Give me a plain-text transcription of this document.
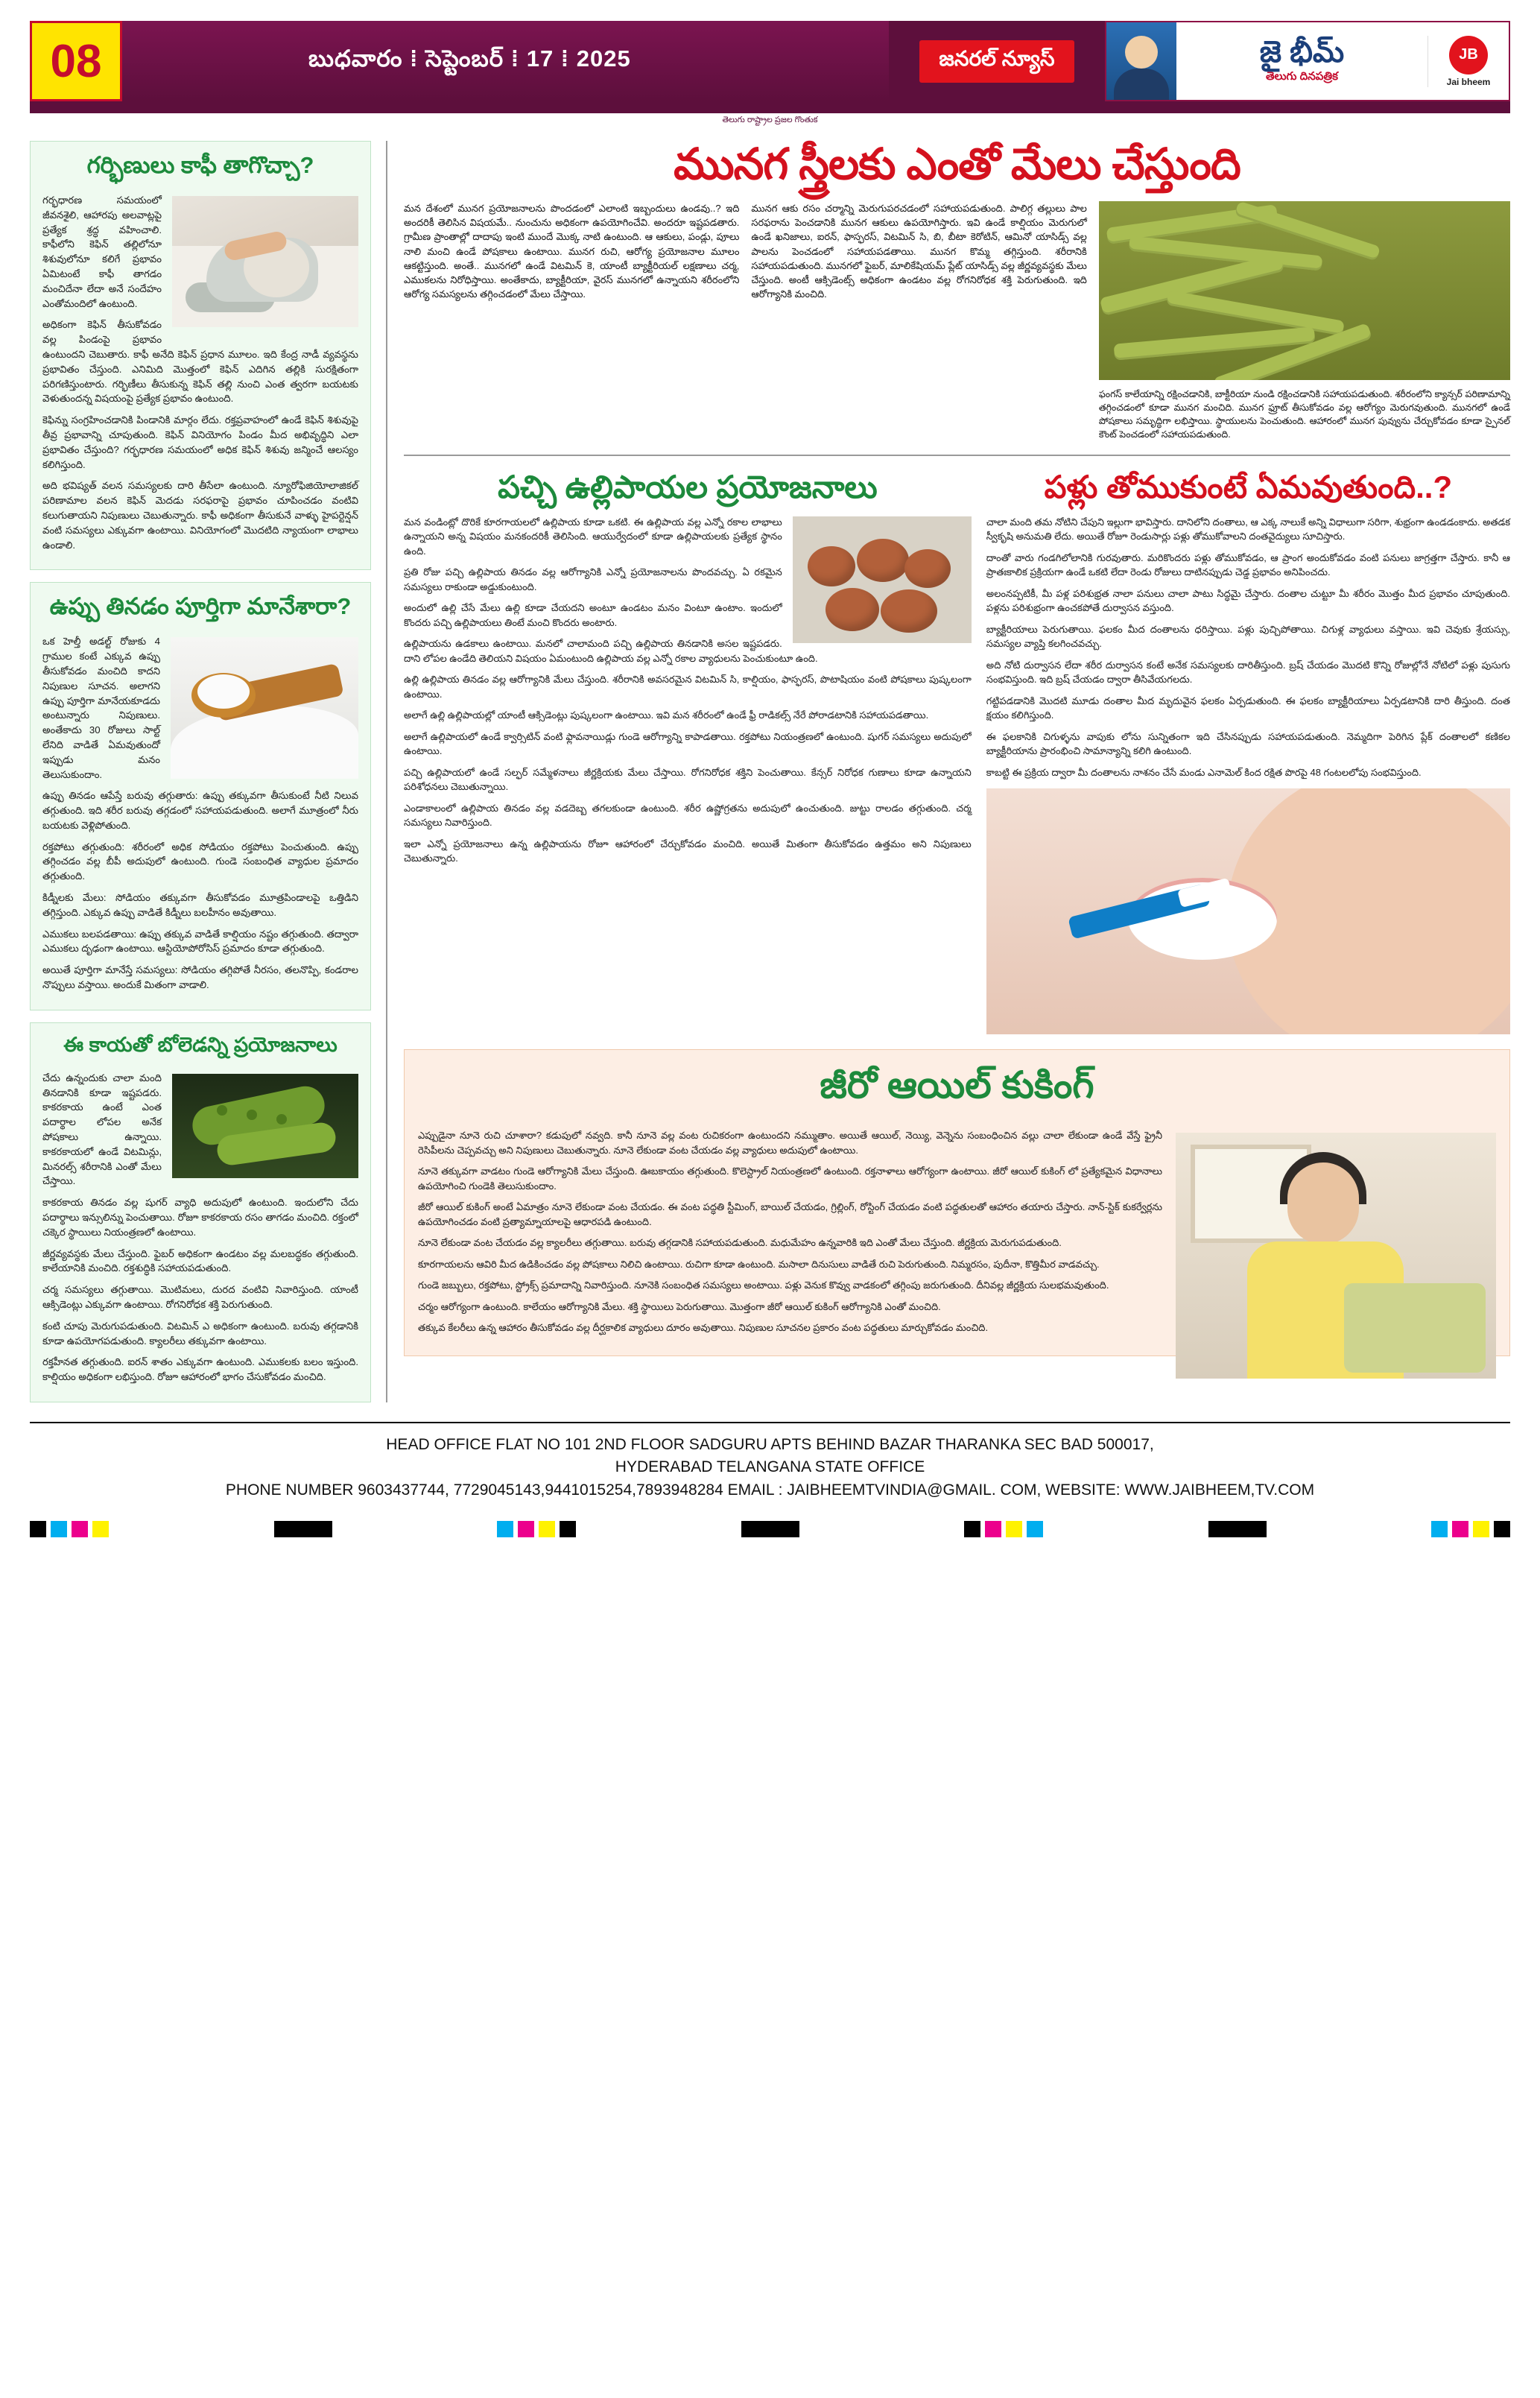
08	బుధవారం ⁞ సెప్టెంబర్ ⁞ 17 ⁞ 2025	జనరల్ న్యూస్	జై భీమ్
తెలుగు దినపత్రిక
JB
Jai bheem
తెలుగు రాష్ట్రాల ప్రజల గొంతుక
గర్భిణులు కాఫీ తాగొచ్చా?

గర్భధారణ సమయంలో జీవనశైలి, ఆహారపు అలవాట్లపై ప్రత్యేక శ్రద్ధ వహించాలి. కాఫీలోని కెఫిన్ తల్లిలోనూ శిశువులోనూ కలిగే ప్రభావం ఏమిటంటే కాఫీ తాగడం మంచిదేనా లేదా అనే సందేహం ఎంతోమందిలో ఉంటుంది.

అధికంగా కెఫిన్ తీసుకోవడం వల్ల పిండంపై ప్రభావం ఉంటుందని చెబుతారు. కాఫీ అనేది కెఫిన్ ప్రధాన మూలం. ఇది కేంద్ర నాడీ వ్యవస్థను ప్రభావితం చేస్తుంది. ఎనిమిది మొత్తంలో కెఫిన్ ఎదిగిన తల్లికి సురక్షితంగా పరిగణిస్తుంటారు. గర్భిణీలు తీసుకున్న కెఫిన్ తల్లి నుంచి ఎంత త్వరగా బయటకు వెళుతుందన్న విషయంపై ప్రత్యేక ప్రభావం ఉంటుంది.

కెఫిన్ను సంగ్రహించడానికి పిండానికి మార్గం లేదు. రక్తప్రవాహంలో ఉండే కెఫిన్ శిశువుపై తీవ్ర ప్రభావాన్ని చూపుతుంది. కెఫిన్ వినియోగం పిండం మీద అభివృద్ధిని ఎలా ప్రభావితం చేస్తుంది? గర్భధారణ సమయంలో అధిక కెఫిన్ శిశువు జన్మించే ఆలస్యం కలిగిస్తుంది.

అది భవిష్యత్ వలన సమస్యలకు దారి తీసేలా ఉంటుంది. న్యూరోఫిజియోలాజికల్ పరిణామాల వలన కెఫిన్ మెదడు సరఫరాపై ప్రభావం చూపించడం వంటివి కలుగుతాయని నిపుణులు చెబుతున్నారు. కాఫీ అధికంగా తీసుకునే వాళ్ళు హైపర్టెన్షన్ వంటి సమస్యలు ఎక్కువగా ఉంటాయి. వినియోగంలో మొదటిది న్యాయంగా లాభాలు ఉండాలి.

ఉప్పు తినడం పూర్తిగా మానేశారా?

ఒక హెల్తీ అడల్ట్ రోజుకు 4 గ్రాముల కంటే ఎక్కువ ఉప్పు తీసుకోవడం మంచిది కాదని నిపుణుల సూచన. అలాగని ఉప్పు పూర్తిగా మానేయకూడదు అంటున్నారు నిపుణులు. అంతేకాదు 30 రోజులు సాల్ట్ లేనిది వాడితే ఏమవుతుందో ఇప్పుడు మనం తెలుసుకుందాం.

ఉప్పు తినడం ఆపేస్తే బరువు తగ్గుతారు: ఉప్పు తక్కువగా తీసుకుంటే నీటి నిలువ తగ్గుతుంది. ఇది శరీర బరువు తగ్గడంలో సహాయపడుతుంది. అలాగే మూత్రంలో నీరు బయటకు వెళ్లిపోతుంది.

రక్తపోటు తగ్గుతుంది: శరీరంలో అధిక సోడియం రక్తపోటు పెంచుతుంది. ఉప్పు తగ్గించడం వల్ల బీపీ అదుపులో ఉంటుంది. గుండె సంబంధిత వ్యాధుల ప్రమాదం తగ్గుతుంది.

కిడ్నీలకు మేలు: సోడియం తక్కువగా తీసుకోవడం మూత్రపిండాలపై ఒత్తిడిని తగ్గిస్తుంది. ఎక్కువ ఉప్పు వాడితే కిడ్నీలు బలహీనం అవుతాయి.

ఎముకలు బలపడతాయి: ఉప్పు తక్కువ వాడితే కాల్షియం నష్టం తగ్గుతుంది. తద్వారా ఎముకలు దృఢంగా ఉంటాయి. ఆస్టియోపోరోసిస్ ప్రమాదం కూడా తగ్గుతుంది.

అయితే పూర్తిగా మానేస్తే సమస్యలు: సోడియం తగ్గిపోతే నీరసం, తలనొప్పి, కండరాల నొప్పులు వస్తాయి. అందుకే మితంగా వాడాలి.

ఈ కాయతో బోలెడన్ని ప్రయోజనాలు

చేదు ఉన్నందుకు చాలా మంది తినడానికి కూడా ఇష్టపడరు. కాకరకాయ ఉంటే ఎంత పదార్థాల లోపల అనేక పోషకాలు ఉన్నాయి. కాకరకాయలో ఉండే విటమిన్లు, మినరల్స్ శరీరానికి ఎంతో మేలు చేస్తాయి.

కాకరకాయ తినడం వల్ల షుగర్ వ్యాధి అదుపులో ఉంటుంది. ఇందులోని చేదు పదార్థాలు ఇన్సులిన్ను పెంచుతాయి. రోజూ కాకరకాయ రసం తాగడం మంచిది. రక్తంలో చక్కెర స్థాయిలు నియంత్రణలో ఉంటాయి.

జీర్ణవ్యవస్థకు మేలు చేస్తుంది. ఫైబర్ అధికంగా ఉండటం వల్ల మలబద్ధకం తగ్గుతుంది. కాలేయానికి మంచిది. రక్తశుద్ధికి సహాయపడుతుంది.

చర్మ సమస్యలు తగ్గుతాయి. మొటిమలు, దురద వంటివి నివారిస్తుంది. యాంటీ ఆక్సిడెంట్లు ఎక్కువగా ఉంటాయి. రోగనిరోధక శక్తి పెరుగుతుంది.

కంటి చూపు మెరుగుపడుతుంది. విటమిన్ ఎ అధికంగా ఉంటుంది. బరువు తగ్గడానికి కూడా ఉపయోగపడుతుంది. క్యాలరీలు తక్కువగా ఉంటాయి.

రక్తహీనత తగ్గుతుంది. ఐరన్ శాతం ఎక్కువగా ఉంటుంది. ఎముకలకు బలం ఇస్తుంది. కాల్షియం అధికంగా లభిస్తుంది. రోజూ ఆహారంలో భాగం చేసుకోవడం మంచిది.

మునగ స్త్రీలకు ఎంతో మేలు చేస్తుంది

మన దేశంలో మునగ ప్రయోజనాలను పొందడంలో ఎలాంటి ఇబ్బందులు ఉండవు..? ఇది అందరికీ తెలిసిన విషయమే.. నుంచును అధికంగా ఉపయోగించేవి. అందరూ ఇష్టపడతారు. గ్రామీణ ప్రాంతాల్లో దాదాపు ఇంటి ముందే మొక్క నాటి ఉంటుంది. ఆ ఆకులు, పండ్లు, పూలు నాలి మంచి ఉండే పోషకాలు ఉంటాయి. మునగ రుచి, ఆరోగ్య ప్రయోజనాల మూలం ఆకట్టిస్తుంది. అంతే.. మునగలో ఉండే విటమిన్ కె, యాంటీ బ్యాక్టీరియల్ లక్షణాలు చర్మ, ఎముకలను నిరోధిస్తాయి. అంతేకాదు, బ్యాక్టీరియా, వైరస్ మునగలో ఉన్నాయని శరీరంలోని ఆరోగ్య సమస్యలను తగ్గించడంలో మేలు చేస్తాయి.

మునగ ఆకు రసం చర్మాన్ని మెరుగుపరచడంలో సహాయపడుతుంది. పాలిగ్గ తల్లులు పాల సరఫరాను పెంచడానికి మునగ ఆకులు ఉపయోగిస్తారు. ఇవి ఉండే కాల్షియం మెరుగులో ఉండే ఖనిజాలు, ఐరన్, ఫాస్ఫరస్, విటమిన్ సి, బి, బీటా కెరోటిన్, ఆమినో యాసిడ్స్ వల్ల పాలను పెంచడంలో సహాయపడతాయి. మునగ కొమ్మ తగ్గిస్తుంది. శరీరానికి సహాయపడుతుంది. మునగలో ఫైబర్, మాలికేషియమ్ ప్లేట్ యాసిడ్స్ వల్ల జీర్ణవ్యవస్థకు మేలు చేస్తుంది. అంటీ ఆక్సిడెంట్స్ అధికంగా ఉండటం వల్ల రోగనిరోధక శక్తి పెరుగుతుంది. ఇది ఆరోగ్యానికి మంచిది.

ఫంగస్ కాలేయాన్ని రక్షించడానికి, బాక్టీరియా నుండి రక్షించడానికి సహాయపడుతుంది. శరీరంలోని క్యాన్సర్ పరిణామాన్ని తగ్గించడంలో కూడా మునగ మంచిది. మునగ ఫ్రూట్ తీసుకోవడం వల్ల ఆరోగ్యం మెరుగవుతుంది. మునగలో ఉండే పోషకాలు సమృద్ధిగా లభిస్తాయి. స్థాయులను పెంచుతుంది. ఆహారంలో మునగ పువ్వును చేర్చుకోవడం కూడా స్పైనల్ కౌంట్ పెంచడంలో సహాయపడుతుంది.
పచ్చి ఉల్లిపాయల ప్రయోజనాలు

మన వండింట్లో దొరికే కూరగాయలలో ఉల్లిపాయ కూడా ఒకటి. ఈ ఉల్లిపాయ వల్ల ఎన్నో రకాల లాభాలు ఉన్నాయని అన్న విషయం మనకందరికీ తెలిసింది. ఆయుర్వేదంలో కూడా ఉల్లిపాయలకు ప్రత్యేక స్థానం ఉంది.

ప్రతి రోజు పచ్చి ఉల్లిపాయ తినడం వల్ల ఆరోగ్యానికి ఎన్నో ప్రయోజనాలను పొందవచ్చు. ఏ రకమైన సమస్యలు రాకుండా అడ్డుకుంటుంది.

అందులో ఉల్లి చేసే మేలు ఉల్లి కూడా చేయదని అంటూ ఉండటం మనం వింటూ ఉంటాం. ఇందులో కొందరు పచ్చి ఉల్లిపాయలు తింటే మంచి కొందరు అంటారు.

ఉల్లిపాయను ఉడకాలు ఉంటాయి. మనలో చాలామంది పచ్చి ఉల్లిపాయ తినడానికి అసల ఇష్టపడరు. దాని లోపల ఉండేది తెలియని విషయం ఏమంటుంది ఉల్లిపాయ వల్ల ఎన్నో రకాల వ్యాధులను పెంచుకుంటూ ఉంది.

ఉల్లి ఉల్లిపాయ తినడం వల్ల ఆరోగ్యానికి మేలు చేస్తుంది. శరీరానికి అవసరమైన విటమిన్ సి, కాల్షియం, ఫాస్ఫరస్, పొటాషియం వంటి పోషకాలు పుష్కలంగా ఉంటాయి.

అలాగే ఉల్లి ఉల్లిపాయల్లో యాంటీ ఆక్సిడెంట్లు పుష్కలంగా ఉంటాయి. ఇవి మన శరీరంలో ఉండే ఫ్రీ రాడికల్స్ నేరే పోరాడటానికి సహాయపడతాయి.

అలాగే ఉల్లిపాయలో ఉండే క్వార్సిటిన్ వంటి ఫ్లావనాయిడ్లు గుండె ఆరోగ్యాన్ని కాపాడతాయి. రక్తపోటు నియంత్రణలో ఉంటుంది. షుగర్ సమస్యలు అదుపులో ఉంటాయి.

పచ్చి ఉల్లిపాయలో ఉండే సల్ఫర్ సమ్మేళనాలు జీర్ణక్రియకు మేలు చేస్తాయి. రోగనిరోధక శక్తిని పెంచుతాయి. కేన్సర్ నిరోధక గుణాలు కూడా ఉన్నాయని పరిశోధనలు చెబుతున్నాయి.

ఎండాకాలంలో ఉల్లిపాయ తినడం వల్ల వడదెబ్బ తగలకుండా ఉంటుంది. శరీర ఉష్ణోగ్రతను అదుపులో ఉంచుతుంది. జుట్టు రాలడం తగ్గుతుంది. చర్మ సమస్యలు నివారిస్తుంది.

ఇలా ఎన్నో ప్రయోజనాలు ఉన్న ఉల్లిపాయను రోజూ ఆహారంలో చేర్చుకోవడం మంచిది. అయితే మితంగా తీసుకోవడం ఉత్తమం అని నిపుణులు చెబుతున్నారు.

పళ్లు తోముకుంటే ఏమవుతుంది..?

చాలా మంది తమ నోటిని చేపుని ఇల్లుగా భావిస్తారు. దానిలోని దంతాలు, ఆ ఎక్క నాలుకే అన్ని విధాలుగా సరిగా, శుభ్రంగా ఉండడంకాదు. అతడక స్వీకృషి అనుమతి లేదు. అయితే రోజూ రెండుసార్లు పళ్లు తోముకోవాలని దంతవైద్యులు సూచిస్తారు.

దాంతో వారు గండగిలోలానికి గురవుతారు. మరికొందరు పళ్లు తోముకోవడం, ఆ ప్రాంగ అందుకోవడం వంటి పనులు జాగ్రత్తగా చేస్తారు. కానీ ఆ ప్రాతఃకాలిక ప్రక్రియగా ఉండే ఒకటి లేదా రెండు రోజులు దాటినప్పుడు చెడ్డ ప్రభావం అనిపించదు.

అలంనప్పటికీ, మీ పళ్ల పరిశుభ్రత నాలా పనులు చాలా పాటు సిద్ధమై చేస్తారు. దంతాల చుట్టూ మీ శరీరం మొత్తం మీద ప్రభావం చూపుతుంది. పళ్లను పరిశుభ్రంగా ఉంచకపోతే దుర్వాసన వస్తుంది.

బ్యాక్టీరియాలు పెరుగుతాయి. ఫలకం మీద దంతాలను ధరిస్తాయి. పళ్లు పుచ్చిపోతాయి. చిగుళ్ల వ్యాధులు వస్తాయి. ఇవి చెవుకు శ్రేయస్సు, సమస్యల వ్యాప్తి కలగించవచ్చు.

అది నోటి దుర్వాసన లేదా శరీర దుర్వాసన కంటే అనేక సమస్యలకు దారితీస్తుంది. బ్రష్ చేయడం మొదటి కొన్ని రోజుల్లోనే నోటిలో పళ్లు పుసుగు సంభవిస్తుంది. ఇది బ్రష్ చేయడం ద్వారా తీసివేయగలదు.

గట్టిపడడానికి మొదటి మూడు దంతాల మీద మృదువైన ఫలకం ఏర్పడుతుంది. ఈ ఫలకం బ్యాక్టీరియాలు ఏర్పడటానికి దారి తీస్తుంది. దంత క్షయం కలిగిస్తుంది.

ఈ ఫలకానికి చిగుళ్ళను వాపుకు లోను సున్నితంగా ఇది చేసినప్పుడు సహాయపడుతుంది. నెమ్మదిగా పెరిగిన ప్లేక్ దంతాలలో కణికల బ్యాక్టీరియాను ప్రారంభించి సామాన్యాన్ని కలిగి ఉంటుంది.

కాబట్టి ఈ ప్రక్రియ ద్వారా మీ దంతాలను నాశనం చేసే మండు ఎనామెల్ కింద రక్షిత పొరపై 48 గంటలలోపు సంభవిస్తుంది.

జీరో ఆయిల్ కుకింగ్

ఎప్పుడైనా నూనె రుచి చూశారా? కడుపులో నవ్వది. కానీ నూనె వల్ల వంట రుచికరంగా ఉంటుందని నమ్ముతాం. అయితే ఆయిల్, నెయ్యి, వెన్నెను సంబంధించిన వల్లు చాలా లేకుండా ఉండే వేస్తే ఫ్రైనీ రెసిపీలను చెప్పవచ్చు అని నిపుణులు చెబుతున్నారు. నూనె లేకుండా వంట చేయడం వల్ల వ్యాధులు అదుపులో ఉంటాయి.

నూనె తక్కువగా వాడటం గుండె ఆరోగ్యానికి మేలు చేస్తుంది. ఊబకాయం తగ్గుతుంది. కొలెస్ట్రాల్ నియంత్రణలో ఉంటుంది. రక్తనాళాలు ఆరోగ్యంగా ఉంటాయి. జీరో ఆయిల్ కుకింగ్ లో ప్రత్యేకమైన విధానాలు ఉపయోగించి గుండెకి తెలుసుకుందాం.

జీరో ఆయిల్ కుకింగ్ అంటే ఏమాత్రం నూనె లేకుండా వంట చేయడం. ఈ వంట పద్ధతి స్టీమింగ్, బాయిల్ చేయడం, గ్రిల్లింగ్, రోస్టింగ్ చేయడం వంటి పద్ధతులతో ఆహారం తయారు చేస్తారు. నాన్-స్టిక్ కుకర్వేర్లను ఉపయోగించడం వంటి ప్రత్యామ్నాయాలపై ఆధారపడి ఉంటుంది.

నూనె లేకుండా వంట చేయడం వల్ల క్యాలరీలు తగ్గుతాయి. బరువు తగ్గడానికి సహాయపడుతుంది. మధుమేహం ఉన్నవారికి ఇది ఎంతో మేలు చేస్తుంది. జీర్ణక్రియ మెరుగుపడుతుంది.

కూరగాయలను ఆవిరి మీద ఉడికించడం వల్ల పోషకాలు నిలిచి ఉంటాయి. రుచిగా కూడా ఉంటుంది. మసాలా దినుసులు వాడితే రుచి పెరుగుతుంది. నిమ్మరసం, పుదీనా, కొత్తిమీర వాడవచ్చు.

గుండె జబ్బులు, రక్తపోటు, స్ట్రోక్స్ ప్రమాదాన్ని నివారిస్తుంది. నూనెకి సంబంధిత సమస్యలు అంటాయి. పళ్లు వెనుక కొవ్వు వాడకంలో తగ్గింపు జరుగుతుంది. దీనివల్ల జీర్ణక్రియ సులభమవుతుంది.

చర్మం ఆరోగ్యంగా ఉంటుంది. కాలేయం ఆరోగ్యానికి మేలు. శక్తి స్థాయిలు పెరుగుతాయి. మొత్తంగా జీరో ఆయిల్ కుకింగ్ ఆరోగ్యానికి ఎంతో మంచిది.

తక్కువ కేలరీలు ఉన్న ఆహారం తీసుకోవడం వల్ల దీర్ఘకాలిక వ్యాధులు దూరం అవుతాయి. నిపుణుల సూచనల ప్రకారం వంట పద్ధతులు మార్చుకోవడం మంచిది.

HEAD OFFICE FLAT NO 101 2ND FLOOR SADGURU APTS BEHIND BAZAR THARANKA SEC BAD 500017,
HYDERABAD TELANGANA STATE OFFICE
PHONE NUMBER 9603437744, 7729045143,9441015254,7893948284 EMAIL : JAIBHEEMTVINDIA@GMAIL. COM, WEBSITE: WWW.JAIBHEEM,TV.COM
